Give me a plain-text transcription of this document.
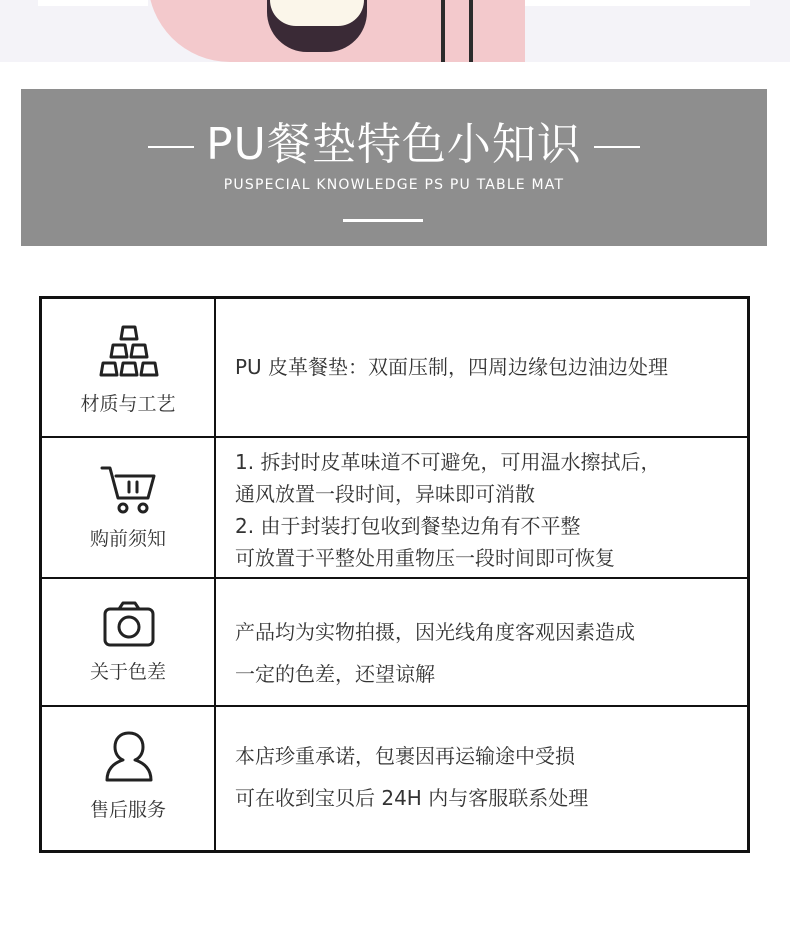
PU餐垫特色小知识
PUSPECIAL KNOWLEDGE PS PU TABLE MAT
材质与工艺

PU 皮革餐垫：双面压制，四周边缘包边油边处理

购前须知

1. 拆封时皮革味道不可避免，可用温水擦拭后，

通风放置一段时间，异味即可消散

2. 由于封装打包收到餐垫边角有不平整

可放置于平整处用重物压一段时间即可恢复

关于色差

产品均为实物拍摄，因光线角度客观因素造成

一定的色差，还望谅解

售后服务

本店珍重承诺，包裹因再运输途中受损

可在收到宝贝后 24H 内与客服联系处理
